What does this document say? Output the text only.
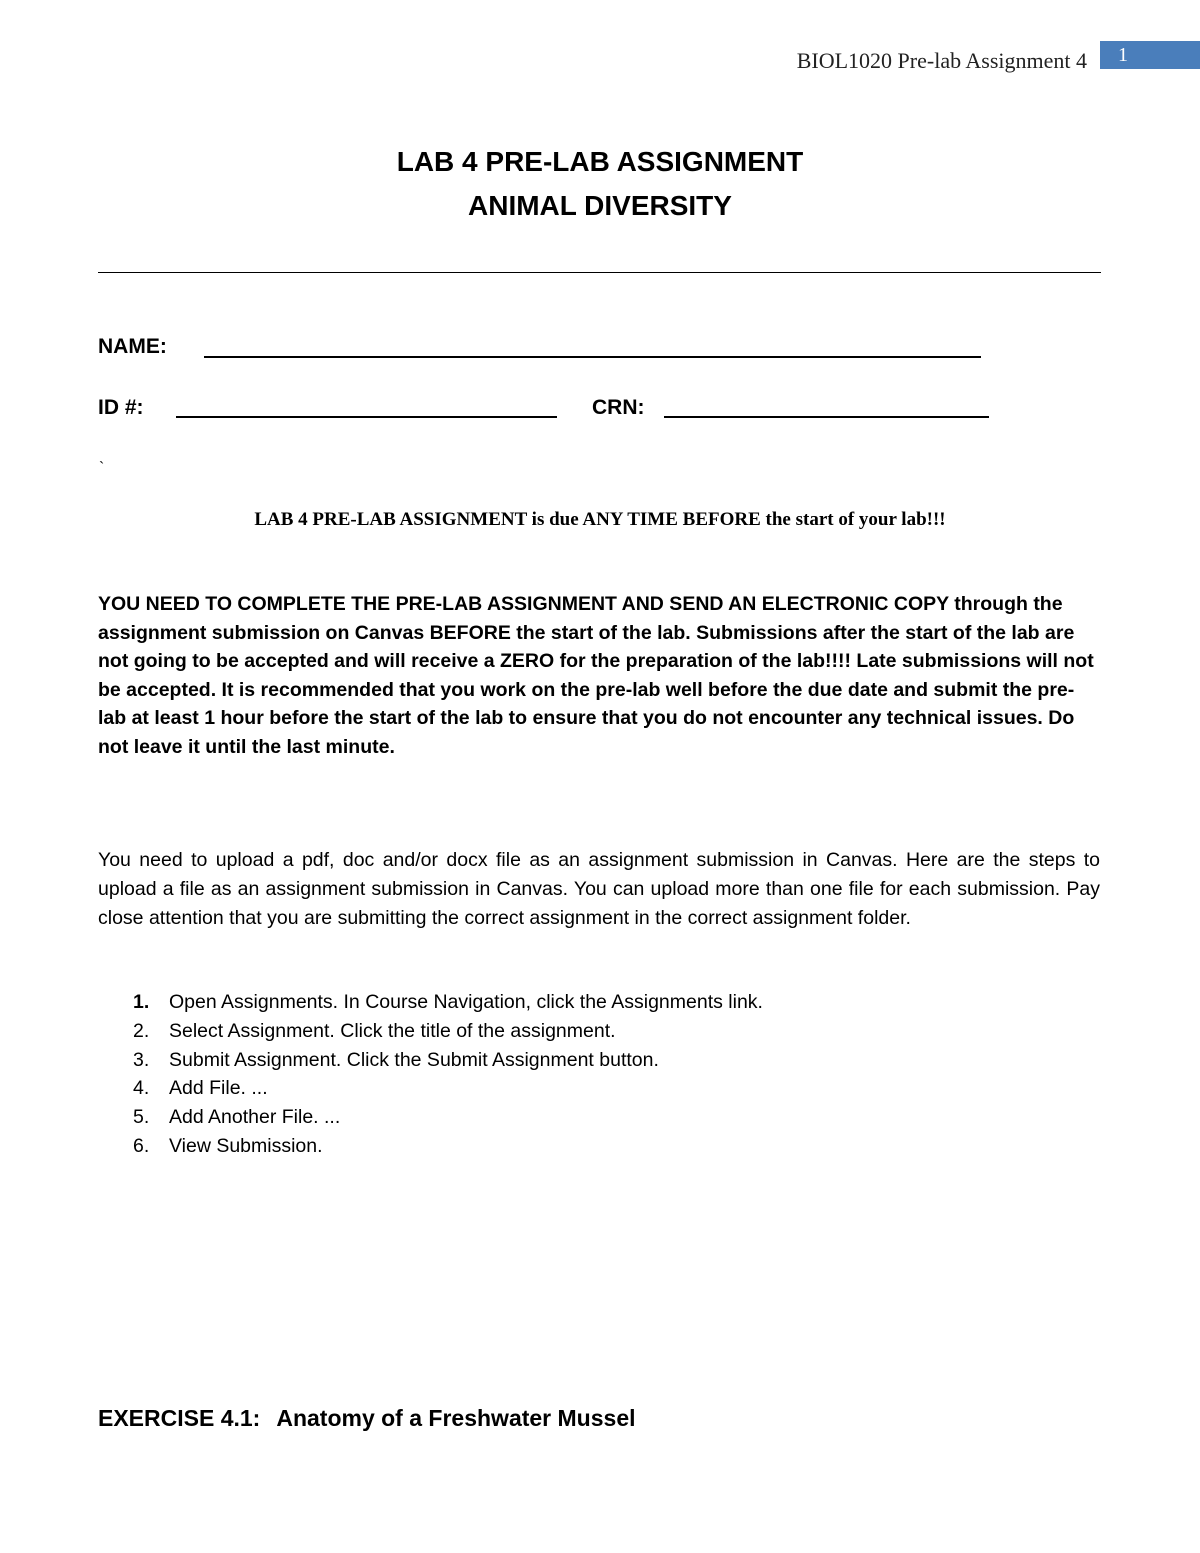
BIOL1020 Pre-lab Assignment 4	1
LAB 4 PRE-LAB ASSIGNMENT
ANIMAL DIVERSITY
NAME:
ID #:	CRN:
`
LAB 4 PRE-LAB ASSIGNMENT is due ANY TIME BEFORE the start of your lab!!!

YOU NEED TO COMPLETE THE PRE-LAB ASSIGNMENT AND SEND AN ELECTRONIC COPY through the assignment submission on Canvas BEFORE the start of the lab. Submissions after the start of the lab are not going to be accepted and will receive a ZERO for the preparation of the lab!!!! Late submissions will not be accepted. It is recommended that you work on the pre-lab well before the due date and submit the pre-lab at least 1 hour before the start of the lab to ensure that you do not encounter any technical issues. Do not leave it until the last minute.

You need to upload a pdf, doc and/or docx file as an assignment submission in Canvas. Here are the steps to upload a file as an assignment submission in Canvas. You can upload more than one file for each submission. Pay close attention that you are submitting the correct assignment in the correct assignment folder.

1. Open Assignments. In Course Navigation, click the Assignments link.
2. Select Assignment. Click the title of the assignment.
3. Submit Assignment. Click the Submit Assignment button.
4. Add File. ...
5. Add Another File. ...
6. View Submission.
EXERCISE 4.1: Anatomy of a Freshwater Mussel
